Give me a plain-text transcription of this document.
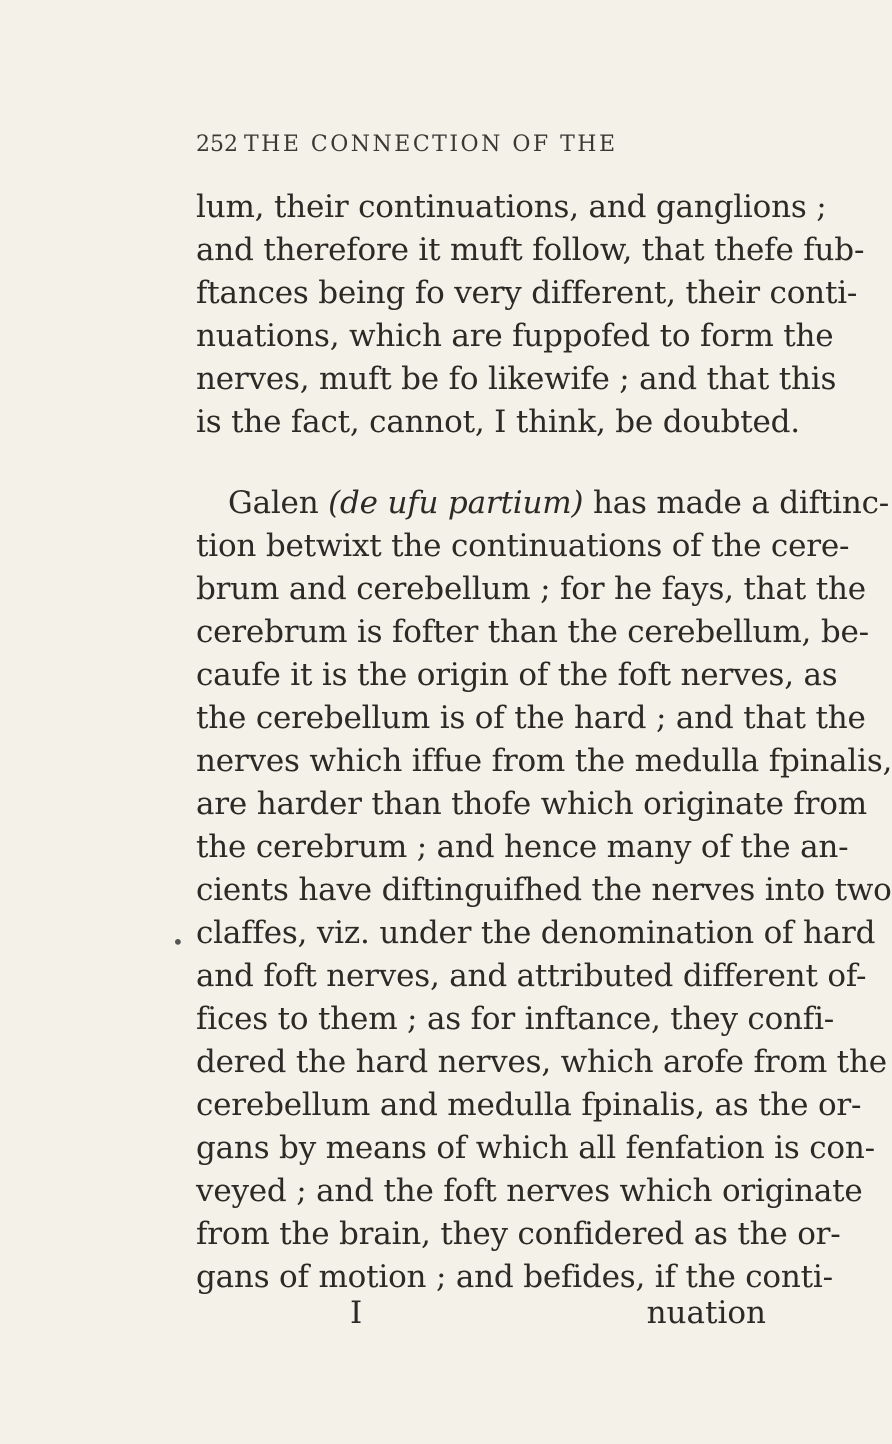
252 THE CONNECTION OF THE
lum, their continuations, and ganglions ;
and therefore it muft follow, that thefe fub-
ftances being fo very different, their conti-
nuations, which are fuppofed to form the
nerves, muft be fo likewife ; and that this
is the fact, cannot, I think, be doubted.
Galen (de ufu partium) has made a diftinc-
tion betwixt the continuations of the cere-
brum and cerebellum ; for he fays, that the
cerebrum is fofter than the cerebellum, be-
caufe it is the origin of the foft nerves, as
the cerebellum is of the hard ; and that the
nerves which iffue from the medulla fpinalis,
are harder than thofe which originate from
the cerebrum ; and hence many of the an-
cients have diftinguifhed the nerves into two
claffes, viz. under the denomination of hard
and foft nerves, and attributed different of-
fices to them ; as for inftance, they confi-
dered the hard nerves, which arofe from the
cerebellum and medulla fpinalis, as the or-
gans by means of which all fenfation is con-
veyed ; and the foft nerves which originate
from the brain, they confidered as the or-
gans of motion ; and befides, if the conti-
•
I	nuation
